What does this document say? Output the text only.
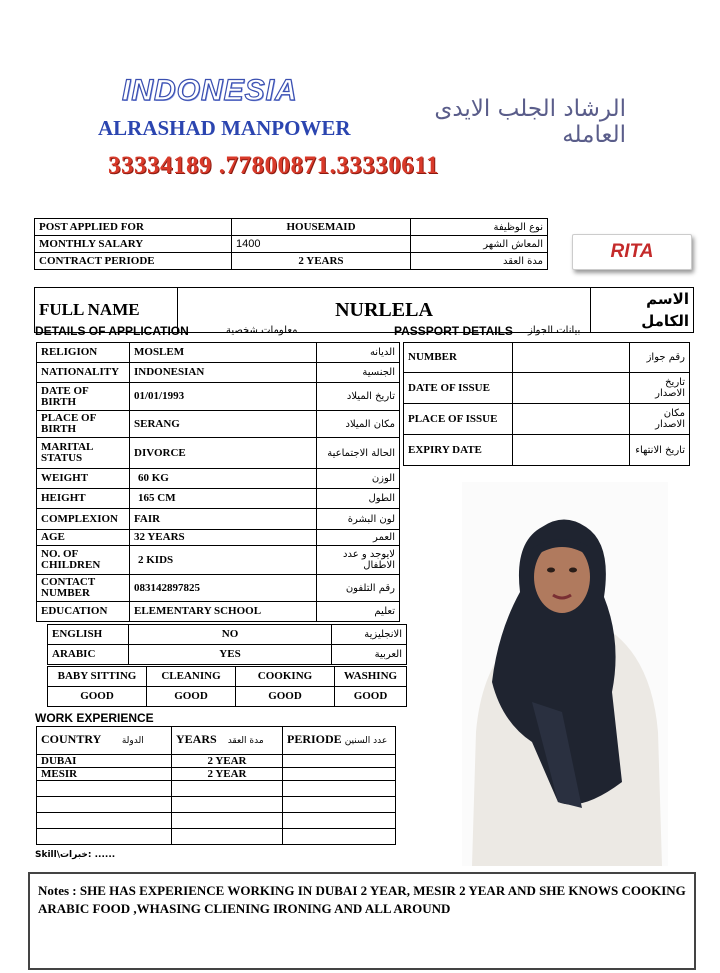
INDONESIA
ALRASHAD MANPOWER
الرشاد الجلب الايدى العامله
33334189 .77800871.33330611
POST APPLIED FOR	HOUSEMAID	نوع الوظيفة
MONTHLY SALARY	1400	المعاش الشهر
CONTRACT PERIODE	2 YEARS	مدة العقد	RITA
FULL NAME	NURLELA	الاسم الكامل
DETAILS OF APPLICATION	معلومات شخصية	PASSPORT DETAILS بيانات الجواز
RELIGION	MOSLEM	الديانه
NATIONALITY	INDONESIAN	الجنسية
DATE OF BIRTH	01/01/1993	تاريخ الميلاد
PLACE OF BIRTH	SERANG	مكان الميلاد
MARITAL STATUS	DIVORCE	الحالة الاجتماعية
WEIGHT	60 KG	الوزن
HEIGHT	165 CM	الطول
COMPLEXION	FAIR	لون البشرة
AGE	32 YEARS	العمر
NO. OF CHILDREN	2 KIDS	لايوجد و عدد الاطفال
CONTACT NUMBER	083142897825	رقم التلفون
EDUCATION	ELEMENTARY SCHOOL	تعليم
ENGLISH	NO	الانجليزية
ARABIC	YES	العربية
BABY SITTING	CLEANING	COOKING	WASHING
GOOD	GOOD	GOOD	GOOD
NUMBER		رقم جواز
DATE OF ISSUE		تاريخ الاصدار
PLACE OF ISSUE		مكان الاصدار
EXPIRY DATE		تاريخ الانتهاء
WORK EXPERIENCE
COUNTRY الدولة	YEARS مدة العقد	PERIODE عدد السنين
DUBAI	2 YEAR	
MESIR	2 YEAR	

Skill\خبرات: ......
Notes : SHE HAS EXPERIENCE WORKING IN DUBAI 2 YEAR, MESIR 2 YEAR AND SHE KNOWS COOKING ARABIC FOOD ,WHASING CLIENING IRONING AND ALL AROUND
